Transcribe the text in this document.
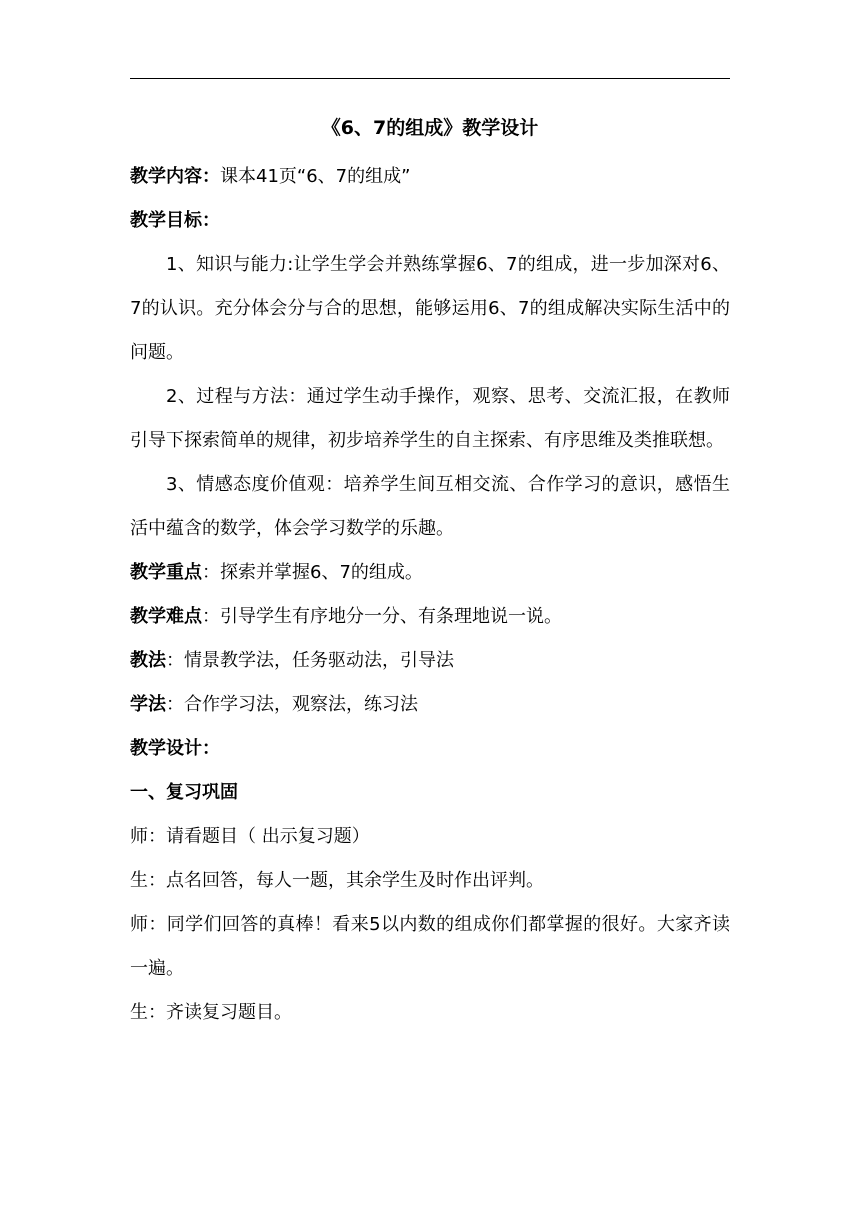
《6、7的组成》教学设计

教学内容：课本41页“6、7的组成”

教学目标：

1、知识与能力:让学生学会并熟练掌握6、7的组成，进一步加深对6、7的认识。充分体会分与合的思想，能够运用6、7的组成解决实际生活中的问题。

2、过程与方法：通过学生动手操作，观察、思考、交流汇报，在教师引导下探索简单的规律，初步培养学生的自主探索、有序思维及类推联想。

3、情感态度价值观：培养学生间互相交流、合作学习的意识，感悟生活中蕴含的数学，体会学习数学的乐趣。

教学重点：探索并掌握6、7的组成。

教学难点：引导学生有序地分一分、有条理地说一说。

教法：情景教学法，任务驱动法，引导法

学法：合作学习法，观察法，练习法

教学设计：

一、复习巩固

师：请看题目（ 出示复习题）

生：点名回答，每人一题，其余学生及时作出评判。

师：同学们回答的真棒！看来5以内数的组成你们都掌握的很好。大家齐读一遍。

生：齐读复习题目。
